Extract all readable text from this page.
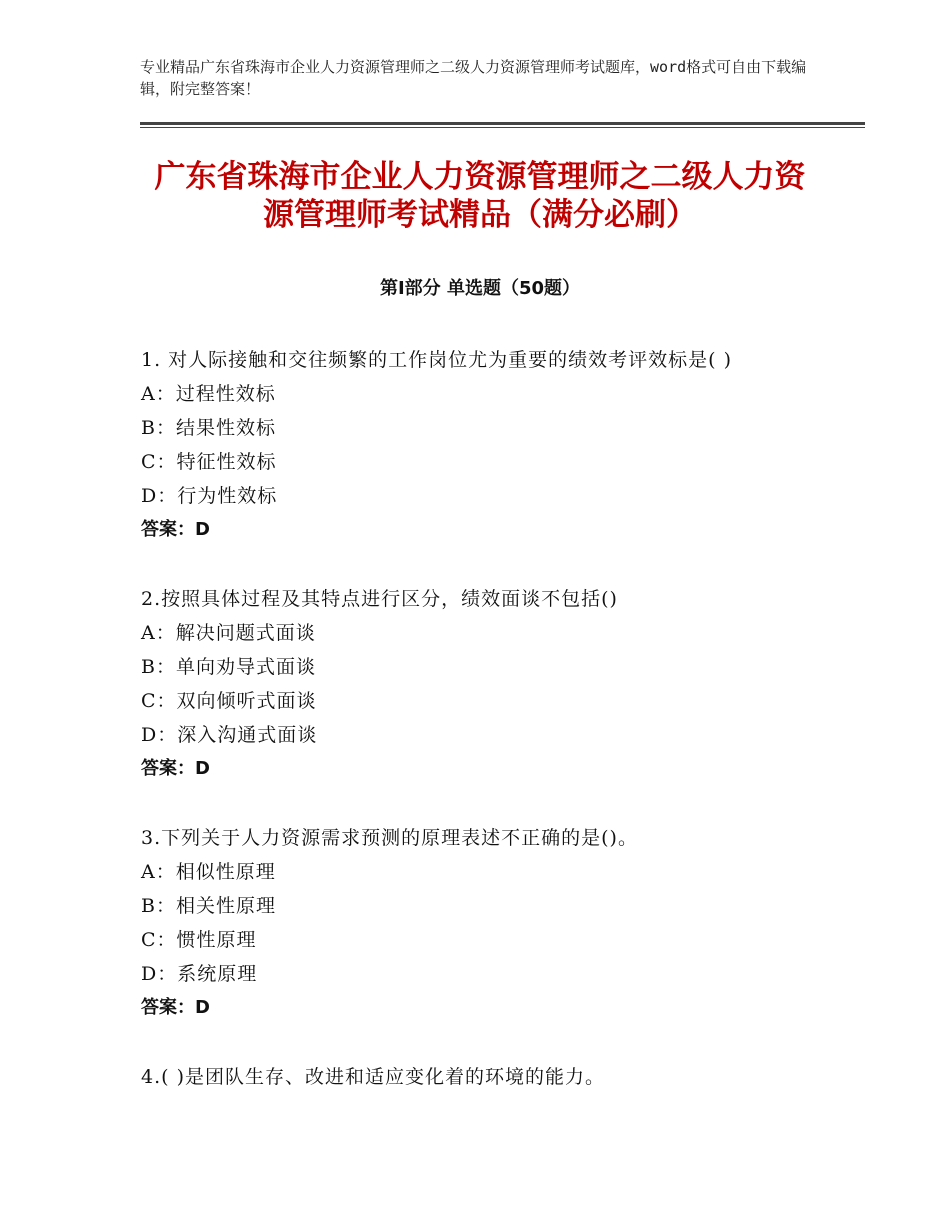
专业精品广东省珠海市企业人力资源管理师之二级人力资源管理师考试题库，word格式可自由下载编辑，附完整答案！
广东省珠海市企业人力资源管理师之二级人力资源管理师考试精品（满分必刷）
第Ⅰ部分 单选题（50题）
1. 对人际接触和交往频繁的工作岗位尤为重要的绩效考评效标是( )
A：过程性效标
B：结果性效标
C：特征性效标
D：行为性效标
答案：D
2.按照具体过程及其特点进行区分，绩效面谈不包括()
A：解决问题式面谈
B：单向劝导式面谈
C：双向倾听式面谈
D：深入沟通式面谈
答案：D
3.下列关于人力资源需求预测的原理表述不正确的是()。
A：相似性原理
B：相关性原理
C：惯性原理
D：系统原理
答案：D
4.( )是团队生存、改进和适应变化着的环境的能力。
